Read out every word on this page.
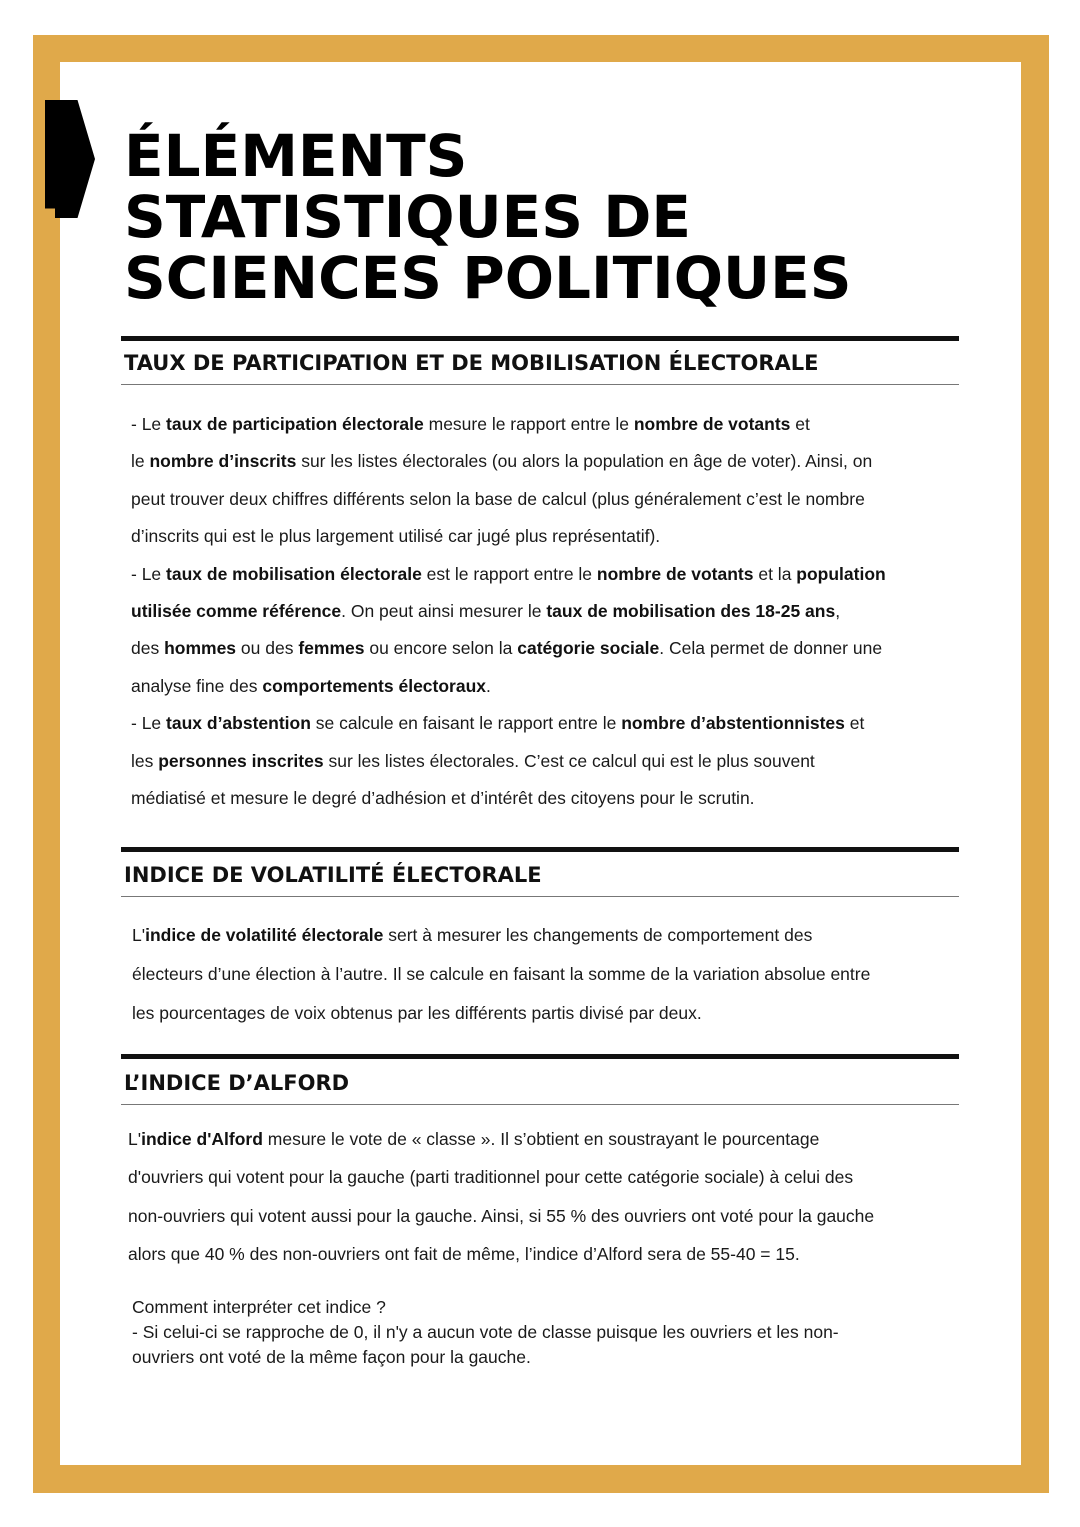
ÉLÉMENTS
STATISTIQUES DE
SCIENCES POLITIQUES
TAUX DE PARTICIPATION ET DE MOBILISATION ÉLECTORALE
- Le taux de participation électorale mesure le rapport entre le nombre de votants et
le nombre d’inscrits sur les listes électorales (ou alors la population en âge de voter). Ainsi, on
peut trouver deux chiffres différents selon la base de calcul (plus généralement c’est le nombre
d’inscrits qui est le plus largement utilisé car jugé plus représentatif).
- Le taux de mobilisation électorale est le rapport entre le nombre de votants et la population
utilisée comme référence. On peut ainsi mesurer le taux de mobilisation des 18-25 ans,
des hommes ou des femmes ou encore selon la catégorie sociale. Cela permet de donner une
analyse fine des comportements électoraux.
- Le taux d’abstention se calcule en faisant le rapport entre le nombre d’abstentionnistes et
les personnes inscrites sur les listes électorales. C’est ce calcul qui est le plus souvent
médiatisé et mesure le degré d’adhésion et d’intérêt des citoyens pour le scrutin.
INDICE DE VOLATILITÉ ÉLECTORALE
L'indice de volatilité électorale sert à mesurer les changements de comportement des
électeurs d’une élection à l’autre. Il se calcule en faisant la somme de la variation absolue entre
les pourcentages de voix obtenus par les différents partis divisé par deux.
L’INDICE D’ALFORD
L'indice d'Alford mesure le vote de « classe ». Il s’obtient en soustrayant le pourcentage
d'ouvriers qui votent pour la gauche (parti traditionnel pour cette catégorie sociale) à celui des
non-ouvriers qui votent aussi pour la gauche. Ainsi, si 55 % des ouvriers ont voté pour la gauche
alors que 40 % des non-ouvriers ont fait de même, l’indice d’Alford sera de 55-40 = 15.
Comment interpréter cet indice ?
- Si celui-ci se rapproche de 0, il n'y a aucun vote de classe puisque les ouvriers et les non-
ouvriers ont voté de la même façon pour la gauche.
